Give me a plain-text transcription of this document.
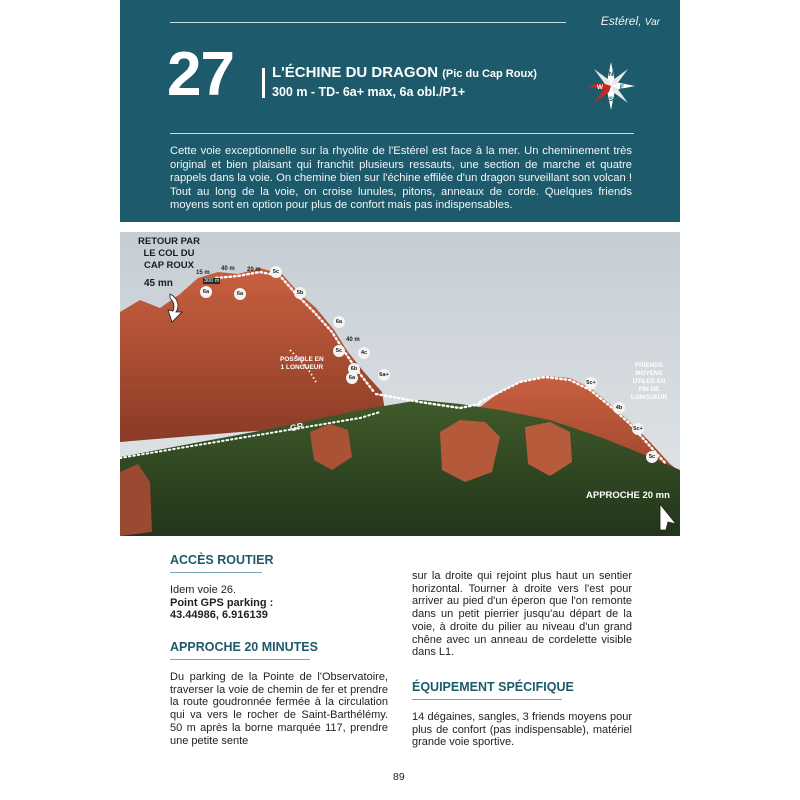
Estérel, Var
27	L'ÉCHINE DU DRAGON (Pic du Cap Roux)
300 m - TD- 6a+ max, 6a obl./P1+
N
E
S
W
Cette voie exceptionnelle sur la rhyolite de l'Estérel est face à la mer. Un cheminement très original et bien plaisant qui franchit plusieurs ressauts, une section de marche et quatre rappels dans la voie. On chemine bien sur l'échine effilée d'un dragon surveillant son volcan ! Tout au long de la voie, on croise lunules, pitons, anneaux de corde. Quelques friends moyens sont en option pour plus de confort mais pas indispensables.
RETOUR PAR
LE COL DU
CAP ROUX
45 mn
15 m
40 m 20 m
40 m
300 m
6a	6a
5c
5b
6a
5c	4c
6b
6a	6a+
5c+
4b
5c+
5c
POSSIBLE EN
1 LONGUEUR	FRIENDS
MOYENS
UTILES EN
FIN DE
LONGUEUR
GR
APPROCHE 20 mn
ACCÈS ROUTIER
Idem voie 26.
Point GPS parking :
43.44986, 6.916139
APPROCHE 20 MINUTES
Du parking de la Pointe de l'Observatoire, traverser la voie de chemin de fer et prendre la route goudronnée fermée à la circulation qui va vers le rocher de Saint-Barthélémy. 50 m après la borne marquée 117, prendre une petite sente
sur la droite qui rejoint plus haut un sentier horizontal. Tourner à droite vers l'est pour arriver au pied d'un éperon que l'on remonte dans un petit pierrier jusqu'au départ de la voie, à droite du pilier au niveau d'un grand chêne avec un anneau de cordelette visible dans L1.
ÉQUIPEMENT SPÉCIFIQUE
14 dégaines, sangles, 3 friends moyens pour plus de confort (pas indispensable), matériel grande voie sportive.
89
